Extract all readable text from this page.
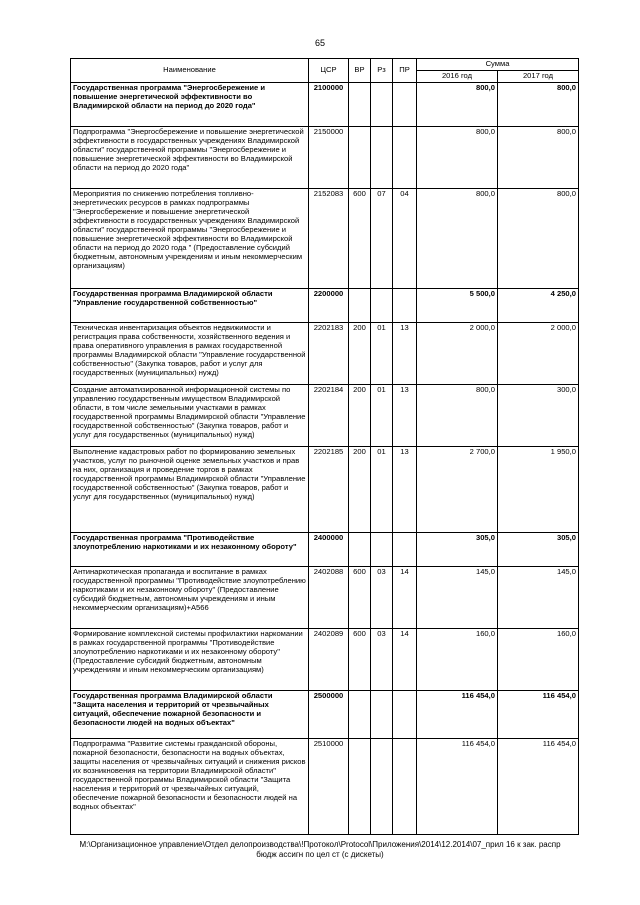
65
Наименование	ЦСР	ВР	Рз	ПР	Сумма	
					2016 год	2017 год
Государственная программа "Энергосбережение и повышение энергетической эффективности во Владимирской области на период до 2020 года"	2100000				800,0	800,0
Подпрограмма "Энергосбережение и повышение энергетической эффективности в государственных учреждениях Владимирской области" государственной программы "Энергосбережение и повышение энергетической эффективности во Владимирской области на период до 2020 года"	2150000				800,0	800,0
Мероприятия по снижению потребления топливно-энергетических ресурсов в рамках подпрограммы "Энергосбережение и повышение энергетической эффективности в государственных учреждениях Владимирской области" государственной программы "Энергосбережение и повышение энергетической эффективности во Владимирской области на период до 2020 года " (Предоставление субсидий бюджетным, автономным учреждениям и иным некоммерческим организациям)	2152083	600	07	04	800,0	800,0
Государственная программа Владимирской области "Управление государственной собственностью"	2200000				5 500,0	4 250,0
Техническая инвентаризация объектов недвижимости и регистрация права собственности, хозяйственного ведения и права оперативного управления в рамках государственной программы Владимирской области "Управление государственной собственностью" (Закупка товаров, работ и услуг для государственных (муниципальных) нужд)	2202183	200	01	13	2 000,0	2 000,0
Создание автоматизированной информационной системы по управлению государственным имуществом Владимирской области, в том числе земельными участками в рамках государственной программы Владимирской области "Управление государственной собственностью" (Закупка товаров, работ и услуг для государственных (муниципальных) нужд)	2202184	200	01	13	800,0	300,0
Выполнение кадастровых работ по формированию земельных участков, услуг по рыночной оценке земельных участков и прав на них, организация и проведение торгов в рамках государственной программы Владимирской области "Управление государственной собственностью" (Закупка товаров, работ и услуг для государственных (муниципальных) нужд)	2202185	200	01	13	2 700,0	1 950,0
Государственная программа "Противодействие злоупотреблению наркотиками и их незаконному обороту"	2400000				305,0	305,0
Антинаркотическая пропаганда и воспитание в рамках государственной программы "Противодействие злоупотреблению наркотиками и их незаконному обороту" (Предоставление субсидий бюджетным, автономным учреждениям и иным некоммерческим организациям)+А566	2402088	600	03	14	145,0	145,0
Формирование комплексной системы профилактики наркомании в рамках государственной программы "Противодействие злоупотреблению наркотиками и их незаконному обороту" (Предоставление субсидий бюджетным, автономным учреждениям и иным некоммерческим организациям)	2402089	600	03	14	160,0	160,0
Государственная программа Владимирской области "Защита населения и территорий от чрезвычайных ситуаций, обеспечение пожарной безопасности и безопасности людей на водных объектах"	2500000				116 454,0	116 454,0
Подпрограмма "Развитие системы гражданской обороны, пожарной безопасности, безопасности на водных объектах, защиты населения от чрезвычайных ситуаций и снижения рисков их возникновения на территории Владимирской области" государственной программы Владимирской области "Защита населения и территорий от чрезвычайных ситуаций, обеспечение пожарной безопасности и безопасности людей на водных объектах"	2510000				116 454,0	116 454,0
M:\Организационное управление\Отдел делопроизводства\!Протокол\Protocol\Приложения\2014\12.2014\07_прил 16 к зак. распр
бюдж ассигн по цел ст (с дискеты)
